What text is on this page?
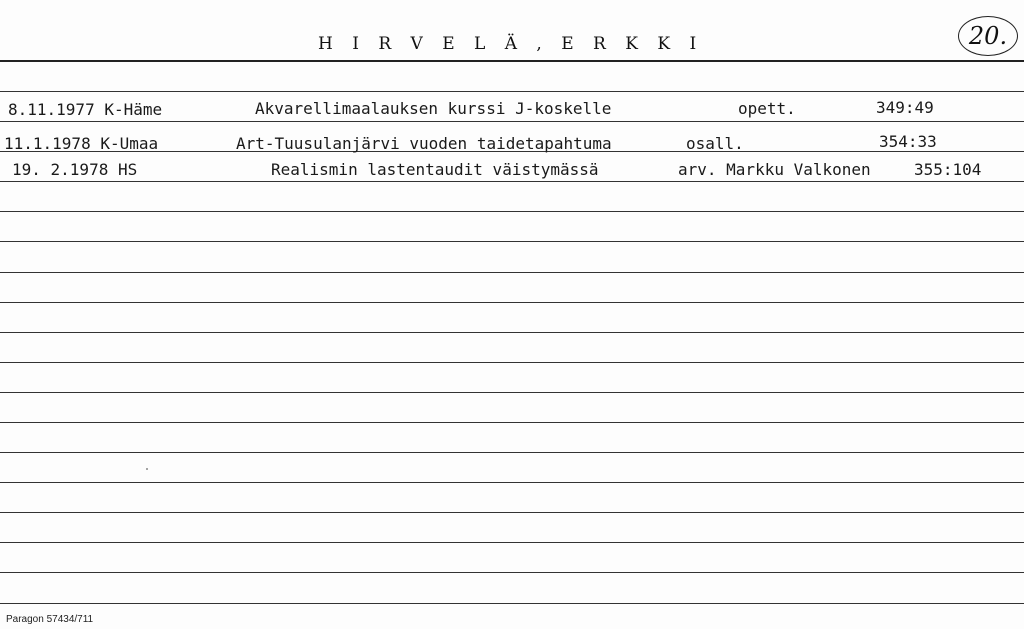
H I R V E L Ä , E R K K I	20.
8.11.1977 K-Häme	Akvarellimaalauksen kurssi J-koskelle	opett.	349:49
11.1.1978 K-Umaa	Art-Tuusulanjärvi vuoden taidetapahtuma	osall.	354:33
19. 2.1978 HS	Realismin lastentaudit väistymässä	arv. Markku Valkonen	355:104
Paragon 57434/711
